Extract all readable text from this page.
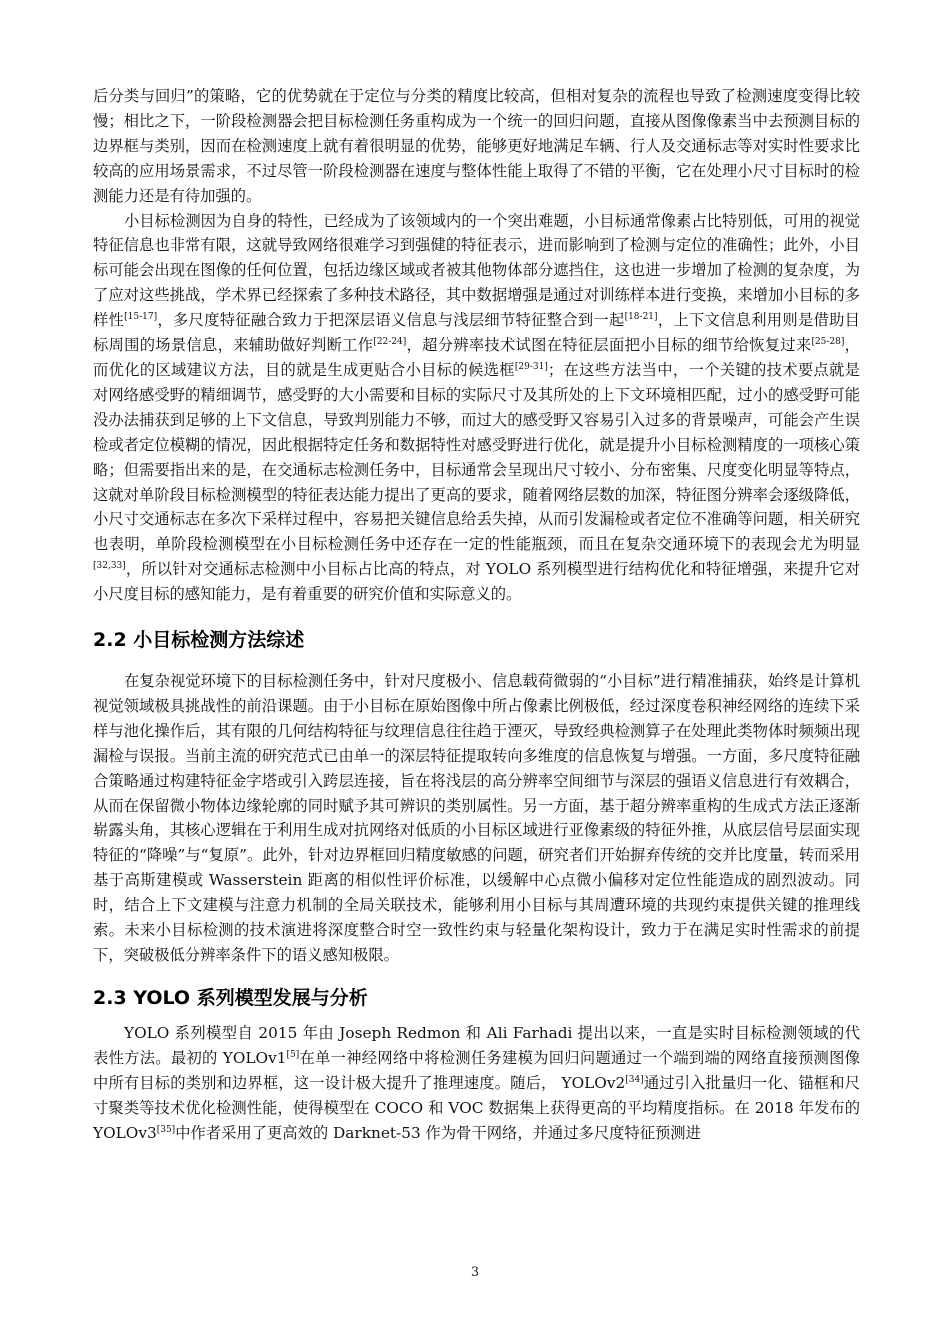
后分类与回归”的策略，它的优势就在于定位与分类的精度比较高，但相对复杂的流程也导致了检测速度变得比较慢；相比之下，一阶段检测器会把目标检测任务重构成为一个统一的回归问题，直接从图像像素当中去预测目标的边界框与类别，因而在检测速度上就有着很明显的优势，能够更好地满足车辆、行人及交通标志等对实时性要求比较高的应用场景需求，不过尽管一阶段检测器在速度与整体性能上取得了不错的平衡，它在处理小尺寸目标时的检测能力还是有待加强的。

小目标检测因为自身的特性，已经成为了该领域内的一个突出难题，小目标通常像素占比特别低，可用的视觉特征信息也非常有限，这就导致网络很难学习到强健的特征表示，进而影响到了检测与定位的准确性；此外，小目标可能会出现在图像的任何位置，包括边缘区域或者被其他物体部分遮挡住，这也进一步增加了检测的复杂度，为了应对这些挑战，学术界已经探索了多种技术路径，其中数据增强是通过对训练样本进行变换，来增加小目标的多样性[15-17]，多尺度特征融合致力于把深层语义信息与浅层细节特征整合到一起[18-21]，上下文信息利用则是借助目标周围的场景信息，来辅助做好判断工作[22-24]，超分辨率技术试图在特征层面把小目标的细节给恢复过来[25-28]，而优化的区域建议方法，目的就是生成更贴合小目标的候选框[29-31]；在这些方法当中，一个关键的技术要点就是对网络感受野的精细调节，感受野的大小需要和目标的实际尺寸及其所处的上下文环境相匹配，过小的感受野可能没办法捕获到足够的上下文信息，导致判别能力不够，而过大的感受野又容易引入过多的背景噪声，可能会产生误检或者定位模糊的情况，因此根据特定任务和数据特性对感受野进行优化，就是提升小目标检测精度的一项核心策略；但需要指出来的是，在交通标志检测任务中，目标通常会呈现出尺寸较小、分布密集、尺度变化明显等特点，这就对单阶段目标检测模型的特征表达能力提出了更高的要求，随着网络层数的加深，特征图分辨率会逐级降低，小尺寸交通标志在多次下采样过程中，容易把关键信息给丢失掉，从而引发漏检或者定位不准确等问题，相关研究也表明，单阶段检测模型在小目标检测任务中还存在一定的性能瓶颈，而且在复杂交通环境下的表现会尤为明显[32,33]，所以针对交通标志检测中小目标占比高的特点，对 YOLO 系列模型进行结构优化和特征增强，来提升它对小尺度目标的感知能力，是有着重要的研究价值和实际意义的。

2.2 小目标检测方法综述

在复杂视觉环境下的目标检测任务中，针对尺度极小、信息载荷微弱的“小目标”进行精准捕获，始终是计算机视觉领域极具挑战性的前沿课题。由于小目标在原始图像中所占像素比例极低，经过深度卷积神经网络的连续下采样与池化操作后，其有限的几何结构特征与纹理信息往往趋于湮灭，导致经典检测算子在处理此类物体时频频出现漏检与误报。当前主流的研究范式已由单一的深层特征提取转向多维度的信息恢复与增强。一方面，多尺度特征融合策略通过构建特征金字塔或引入跨层连接，旨在将浅层的高分辨率空间细节与深层的强语义信息进行有效耦合，从而在保留微小物体边缘轮廓的同时赋予其可辨识的类别属性。另一方面，基于超分辨率重构的生成式方法正逐渐崭露头角，其核心逻辑在于利用生成对抗网络对低质的小目标区域进行亚像素级的特征外推，从底层信号层面实现特征的“降噪”与“复原”。此外，针对边界框回归精度敏感的问题，研究者们开始摒弃传统的交并比度量，转而采用基于高斯建模或 Wasserstein 距离的相似性评价标准，以缓解中心点微小偏移对定位性能造成的剧烈波动。同时，结合上下文建模与注意力机制的全局关联技术，能够利用小目标与其周遭环境的共现约束提供关键的推理线索。未来小目标检测的技术演进将深度整合时空一致性约束与轻量化架构设计，致力于在满足实时性需求的前提下，突破极低分辨率条件下的语义感知极限。

2.3 YOLO 系列模型发展与分析

YOLO 系列模型自 2015 年由 Joseph Redmon 和 Ali Farhadi 提出以来，一直是实时目标检测领域的代表性方法。最初的 YOLOv1[5]在单一神经网络中将检测任务建模为回归问题通过一个端到端的网络直接预测图像中所有目标的类别和边界框，这一设计极大提升了推理速度。随后， YOLOv2[34]通过引入批量归一化、锚框和尺寸聚类等技术优化检测性能，使得模型在 COCO 和 VOC 数据集上获得更高的平均精度指标。在 2018 年发布的 YOLOv3[35]中作者采用了更高效的 Darknet-53 作为骨干网络，并通过多尺度特征预测进

3
